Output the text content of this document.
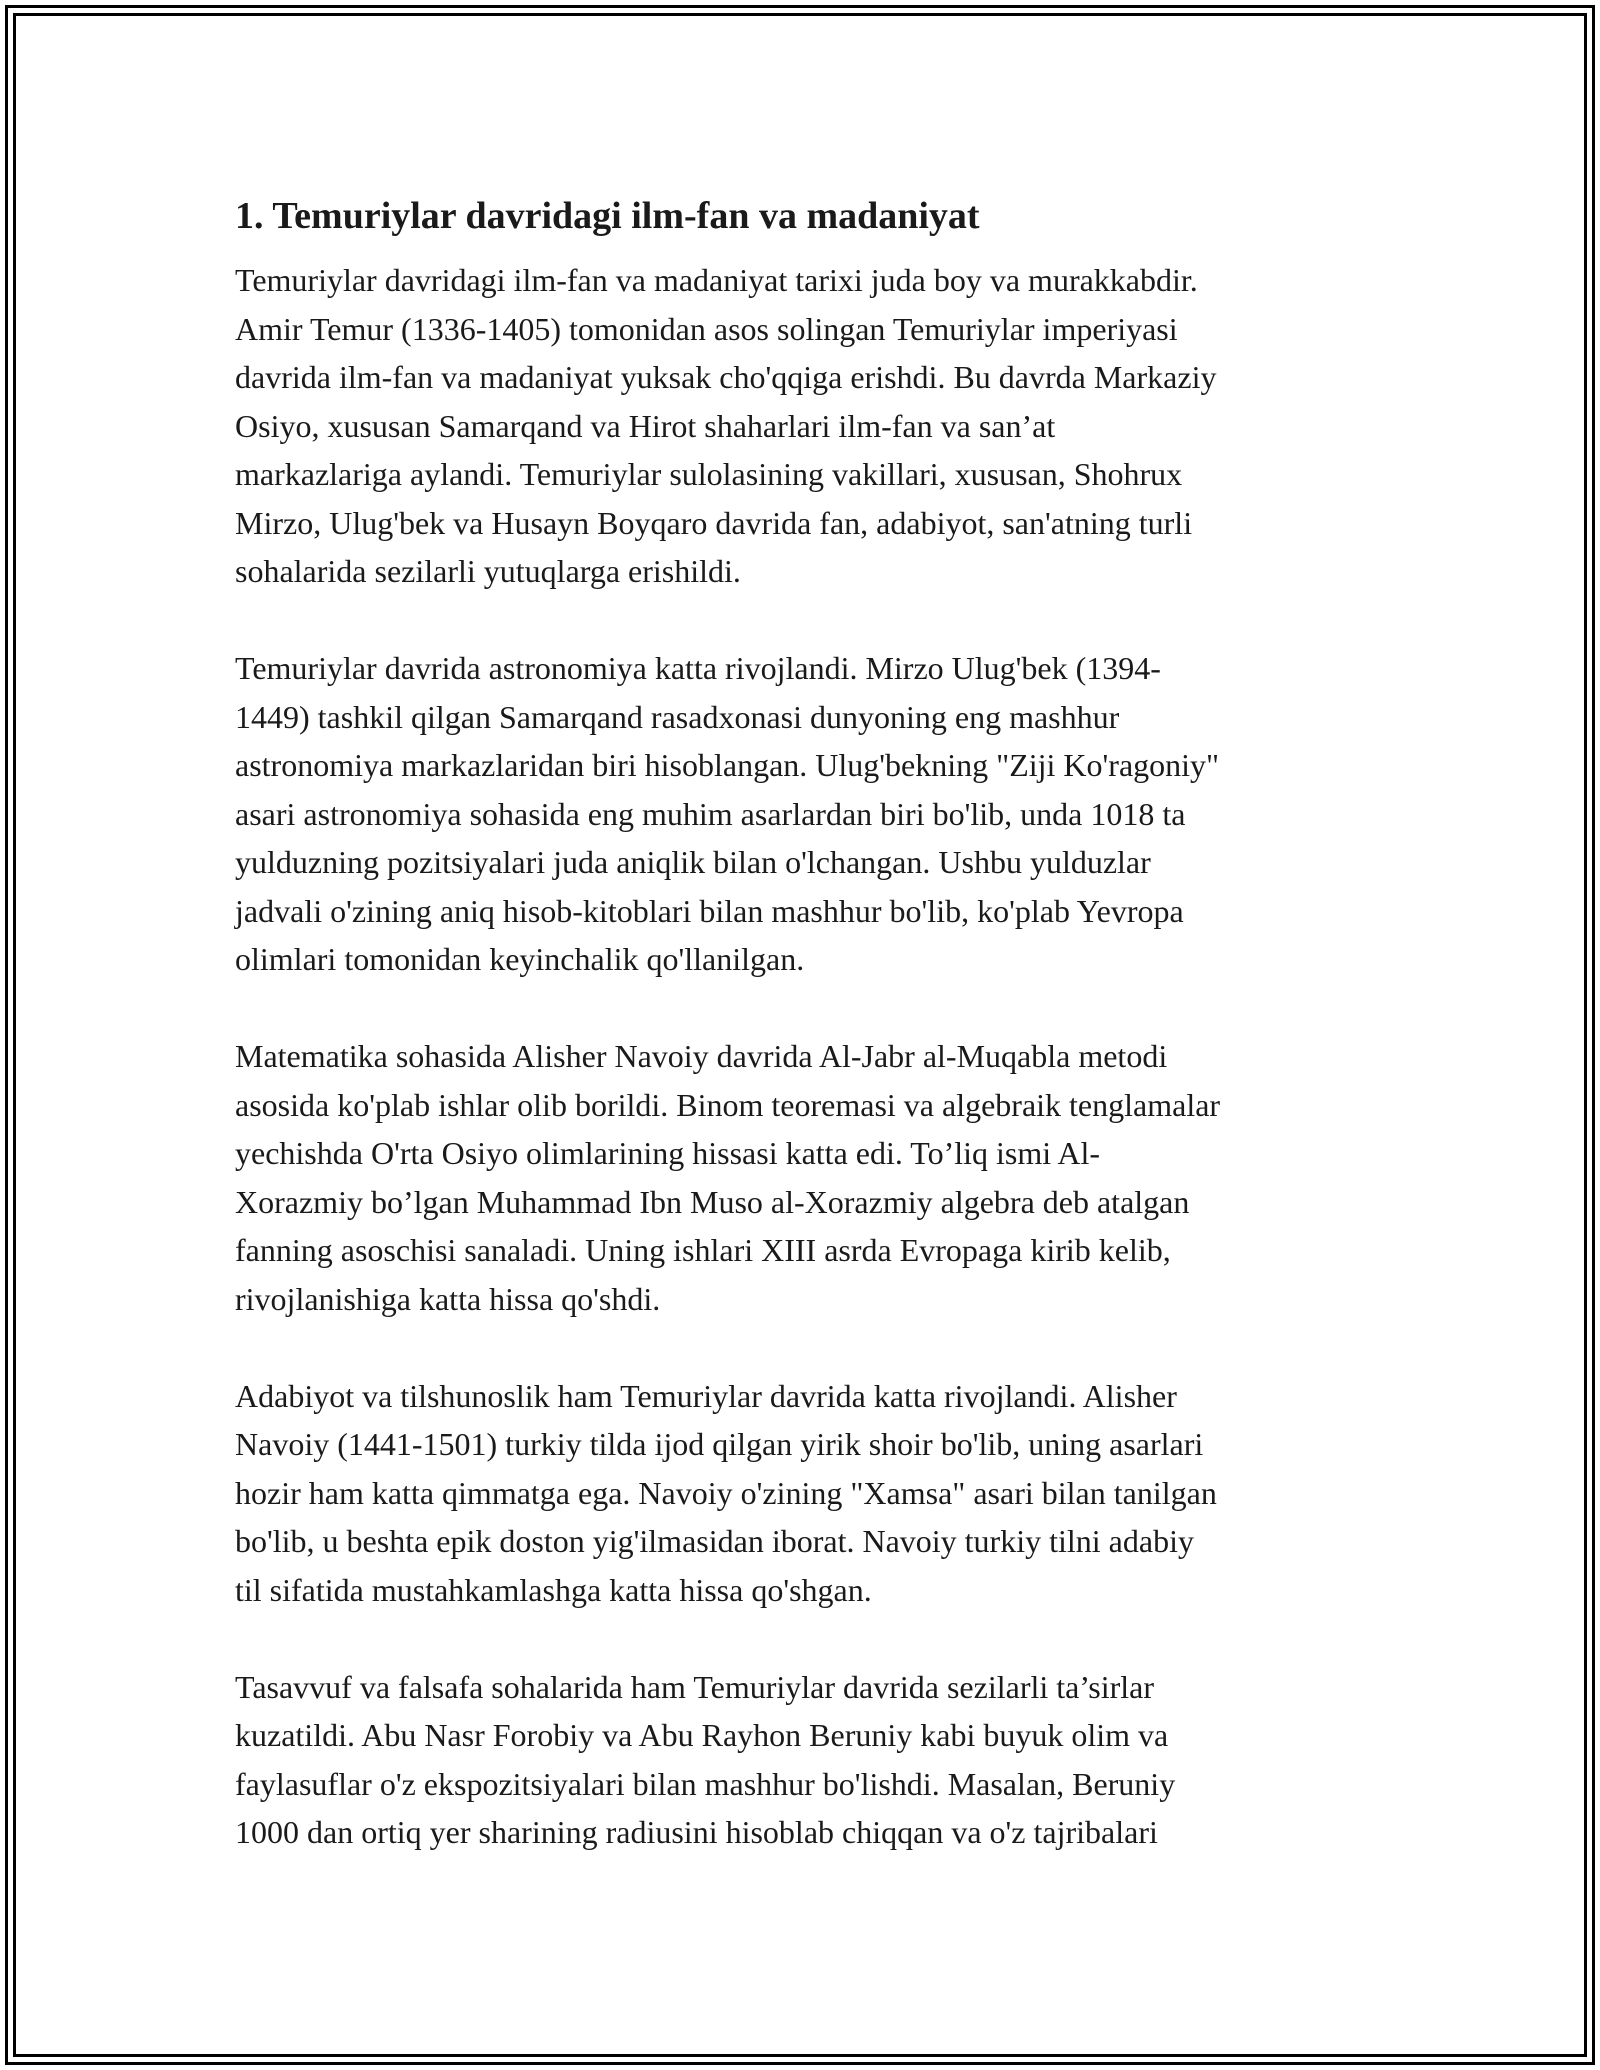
1. Temuriylar davridagi ilm-fan va madaniyat

Temuriylar davridagi ilm-fan va madaniyat tarixi juda boy va murakkabdir.
Amir Temur (1336-1405) tomonidan asos solingan Temuriylar imperiyasi
davrida ilm-fan va madaniyat yuksak cho'qqiga erishdi. Bu davrda Markaziy
Osiyo, xususan Samarqand va Hirot shaharlari ilm-fan va san’at
markazlariga aylandi. Temuriylar sulolasining vakillari, xususan, Shohrux
Mirzo, Ulug'bek va Husayn Boyqaro davrida fan, adabiyot, san'atning turli
sohalarida sezilarli yutuqlarga erishildi.

Temuriylar davrida astronomiya katta rivojlandi. Mirzo Ulug'bek (1394-
1449) tashkil qilgan Samarqand rasadxonasi dunyoning eng mashhur
astronomiya markazlaridan biri hisoblangan. Ulug'bekning "Ziji Ko'ragoniy"
asari astronomiya sohasida eng muhim asarlardan biri bo'lib, unda 1018 ta
yulduzning pozitsiyalari juda aniqlik bilan o'lchangan. Ushbu yulduzlar
jadvali o'zining aniq hisob-kitoblari bilan mashhur bo'lib, ko'plab Yevropa
olimlari tomonidan keyinchalik qo'llanilgan.

Matematika sohasida Alisher Navoiy davrida Al-Jabr al-Muqabla metodi
asosida ko'plab ishlar olib borildi. Binom teoremasi va algebraik tenglamalar
yechishda O'rta Osiyo olimlarining hissasi katta edi. To’liq ismi Al-
Xorazmiy bo’lgan Muhammad Ibn Muso al-Xorazmiy algebra deb atalgan
fanning asoschisi sanaladi. Uning ishlari XIII asrda Evropaga kirib kelib,
rivojlanishiga katta hissa qo'shdi.

Adabiyot va tilshunoslik ham Temuriylar davrida katta rivojlandi. Alisher
Navoiy (1441-1501) turkiy tilda ijod qilgan yirik shoir bo'lib, uning asarlari
hozir ham katta qimmatga ega. Navoiy o'zining "Xamsa" asari bilan tanilgan
bo'lib, u beshta epik doston yig'ilmasidan iborat. Navoiy turkiy tilni adabiy
til sifatida mustahkamlashga katta hissa qo'shgan.

Tasavvuf va falsafa sohalarida ham Temuriylar davrida sezilarli ta’sirlar
kuzatildi. Abu Nasr Forobiy va Abu Rayhon Beruniy kabi buyuk olim va
faylasuflar o'z ekspozitsiyalari bilan mashhur bo'lishdi. Masalan, Beruniy
1000 dan ortiq yer sharining radiusini hisoblab chiqqan va o'z tajribalari
